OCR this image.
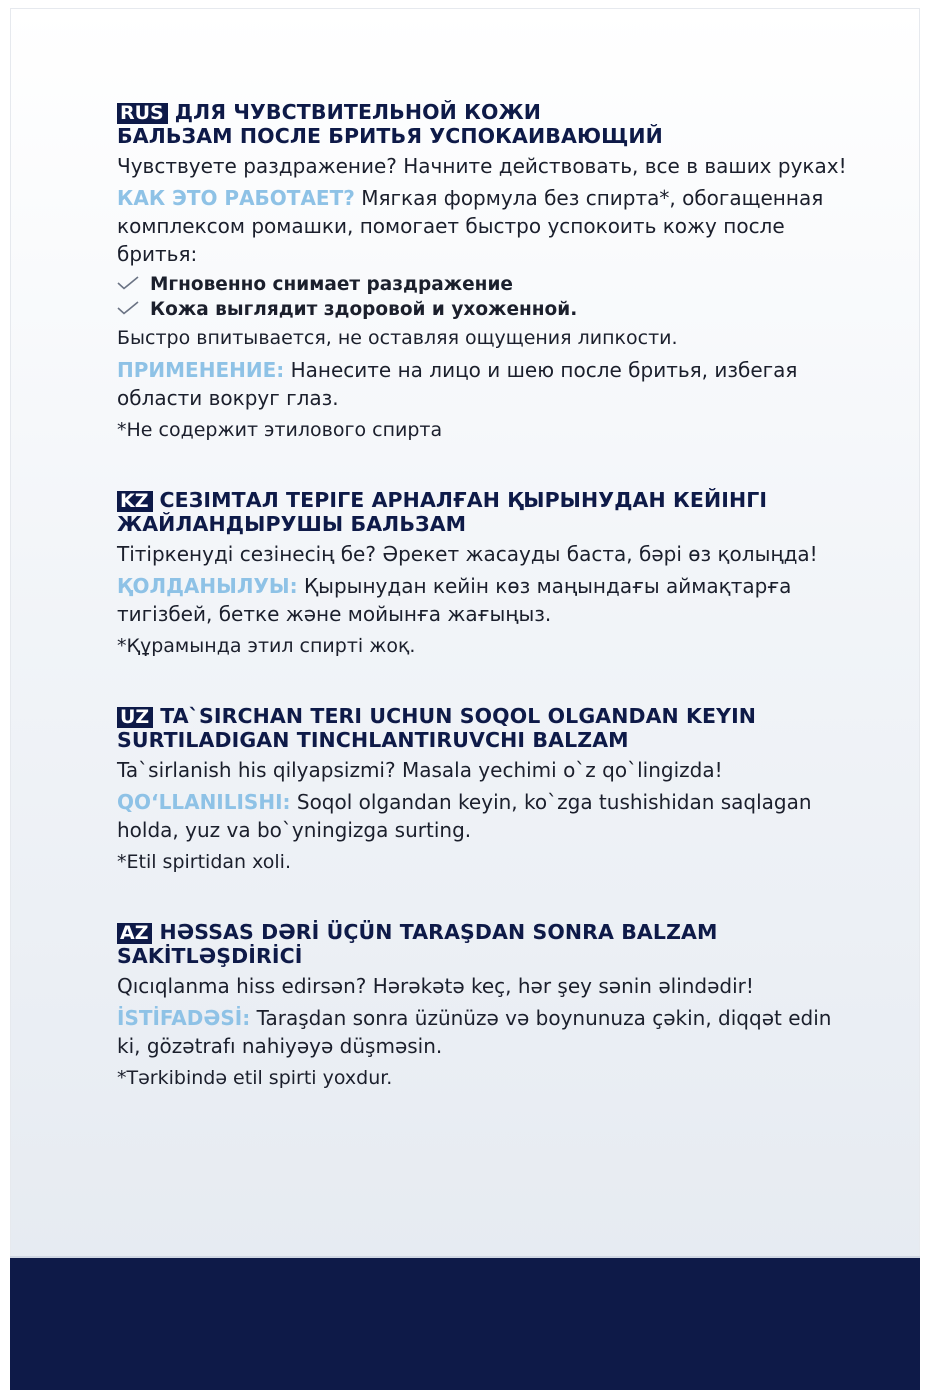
RUS ДЛЯ ЧУВСТВИТЕЛЬНОЙ КОЖИ
БАЛЬЗАМ ПОСЛЕ БРИТЬЯ УСПОКАИВАЮЩИЙ

Чувствуете раздражение? Начните действовать, все в ваших руках!

КАК ЭТО РАБОТАЕТ? Мягкая формула без спирта*, обогащенная комплексом ромашки, помогает быстро успокоить кожу после бритья:

Мгновенно снимает раздражение
Кожа выглядит здоровой и ухоженной.

Быстро впитывается, не оставляя ощущения липкости.

ПРИМЕНЕНИЕ: Нанесите на лицо и шею после бритья, избегая области вокруг глаз.

*Не содержит этилового спирта

KZ СЕЗІМТАЛ ТЕРІГЕ АРНАЛҒАН ҚЫРЫНУДАН КЕЙІНГІ
ЖАЙЛАНДЫРУШЫ БАЛЬЗАМ

Тітіркенуді сезінесің бе? Әрекет жасауды баста, бәрі өз қолыңда!

ҚОЛДАНЫЛУЫ: Қырынудан кейін көз маңындағы аймақтарға тигізбей, бетке және мойынға жағыңыз.

*Құрамында этил спирті жоқ.

UZ TA`SIRCHAN TERI UCHUN SOQOL OLGANDAN KEYIN
SURTILADIGAN TINCHLANTIRUVCHI BALZAM

Ta`sirlanish his qilyapsizmi? Masala yechimi o`z qo`lingizda!

QO‘LLANILISHI: Soqol olgandan keyin, ko`zga tushishidan saqlagan holda, yuz va bo`yningizga surting.

*Etil spirtidan xoli.

AZ HƏSSAS DƏRİ ÜÇÜN TARAŞDAN SONRA BALZAM
SAKİTLƏŞDİRİCİ

Qıcıqlanma hiss edirsən? Hərəkətə keç, hər şey sənin əlindədir!

İSTİFADƏSİ: Taraşdan sonra üzünüzə və boynunuza çəkin, diqqət edin ki, gözətrafı nahiyəyə düşməsin.

*Tərkibində etil spirti yoxdur.
